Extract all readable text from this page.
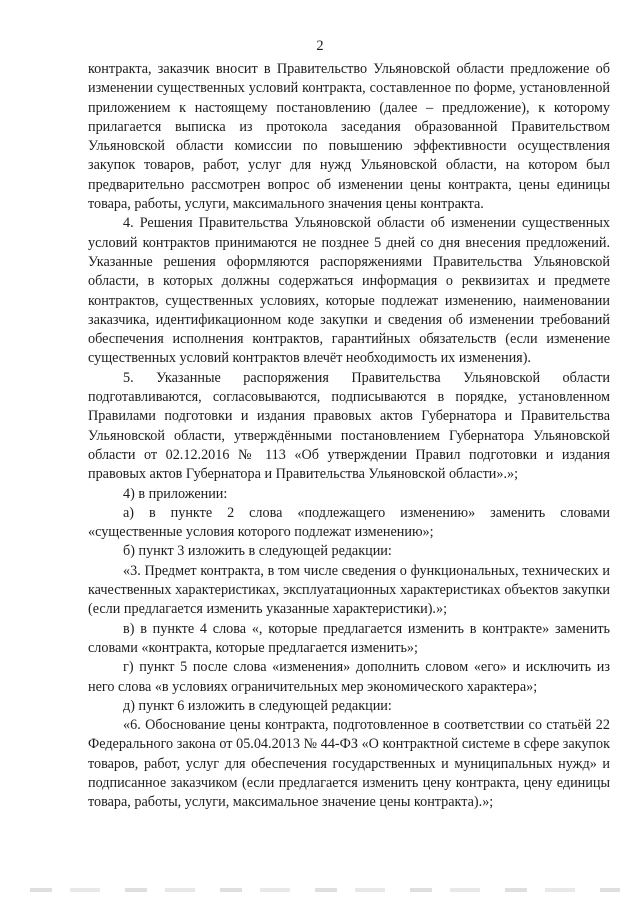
2

контракта, заказчик вносит в Правительство Ульяновской области предложение об изменении существенных условий контракта, составленное по форме, установленной приложением к настоящему постановлению (далее – предложение), к которому прилагается выписка из протокола заседания образованной Правительством Ульяновской области комиссии по повышению эффективности осуществления закупок товаров, работ, услуг для нужд Ульяновской области, на котором был предварительно рассмотрен вопрос об изменении цены контракта, цены единицы товара, работы, услуги, максимального значения цены контракта.

4. Решения Правительства Ульяновской области об изменении существенных условий контрактов принимаются не позднее 5 дней со дня внесения предложений. Указанные решения оформляются распоряжениями Правительства Ульяновской области, в которых должны содержаться информация о реквизитах и предмете контрактов, существенных условиях, которые подлежат изменению, наименовании заказчика, идентификационном коде закупки и сведения об изменении требований обеспечения исполнения контрактов, гарантийных обязательств (если изменение существенных условий контрактов влечёт необходимость их изменения).

5. Указанные распоряжения Правительства Ульяновской области подготавливаются, согласовываются, подписываются в порядке, установленном Правилами подготовки и издания правовых актов Губернатора и Правительства Ульяновской области, утверждёнными постановлением Губернатора Ульяновской области от 02.12.2016 № 113 «Об утверждении Правил подготовки и издания правовых актов Губернатора и Правительства Ульяновской области».»;

4) в приложении:

а) в пункте 2 слова «подлежащего изменению» заменить словами «существенные условия которого подлежат изменению»;

б) пункт 3 изложить в следующей редакции:

«3. Предмет контракта, в том числе сведения о функциональных, технических и качественных характеристиках, эксплуатационных характеристиках объектов закупки (если предлагается изменить указанные характеристики).»;

в) в пункте 4 слова «, которые предлагается изменить в контракте» заменить словами «контракта, которые предлагается изменить»;

г) пункт 5 после слова «изменения» дополнить словом «его» и исключить из него слова «в условиях ограничительных мер экономического характера»;

д) пункт 6 изложить в следующей редакции:

«6. Обоснование цены контракта, подготовленное в соответствии со статьёй 22 Федерального закона от 05.04.2013 № 44-ФЗ «О контрактной системе в сфере закупок товаров, работ, услуг для обеспечения государственных и муниципальных нужд» и подписанное заказчиком (если предлагается изменить цену контракта, цену единицы товара, работы, услуги, максимальное значение цены контракта).»;
